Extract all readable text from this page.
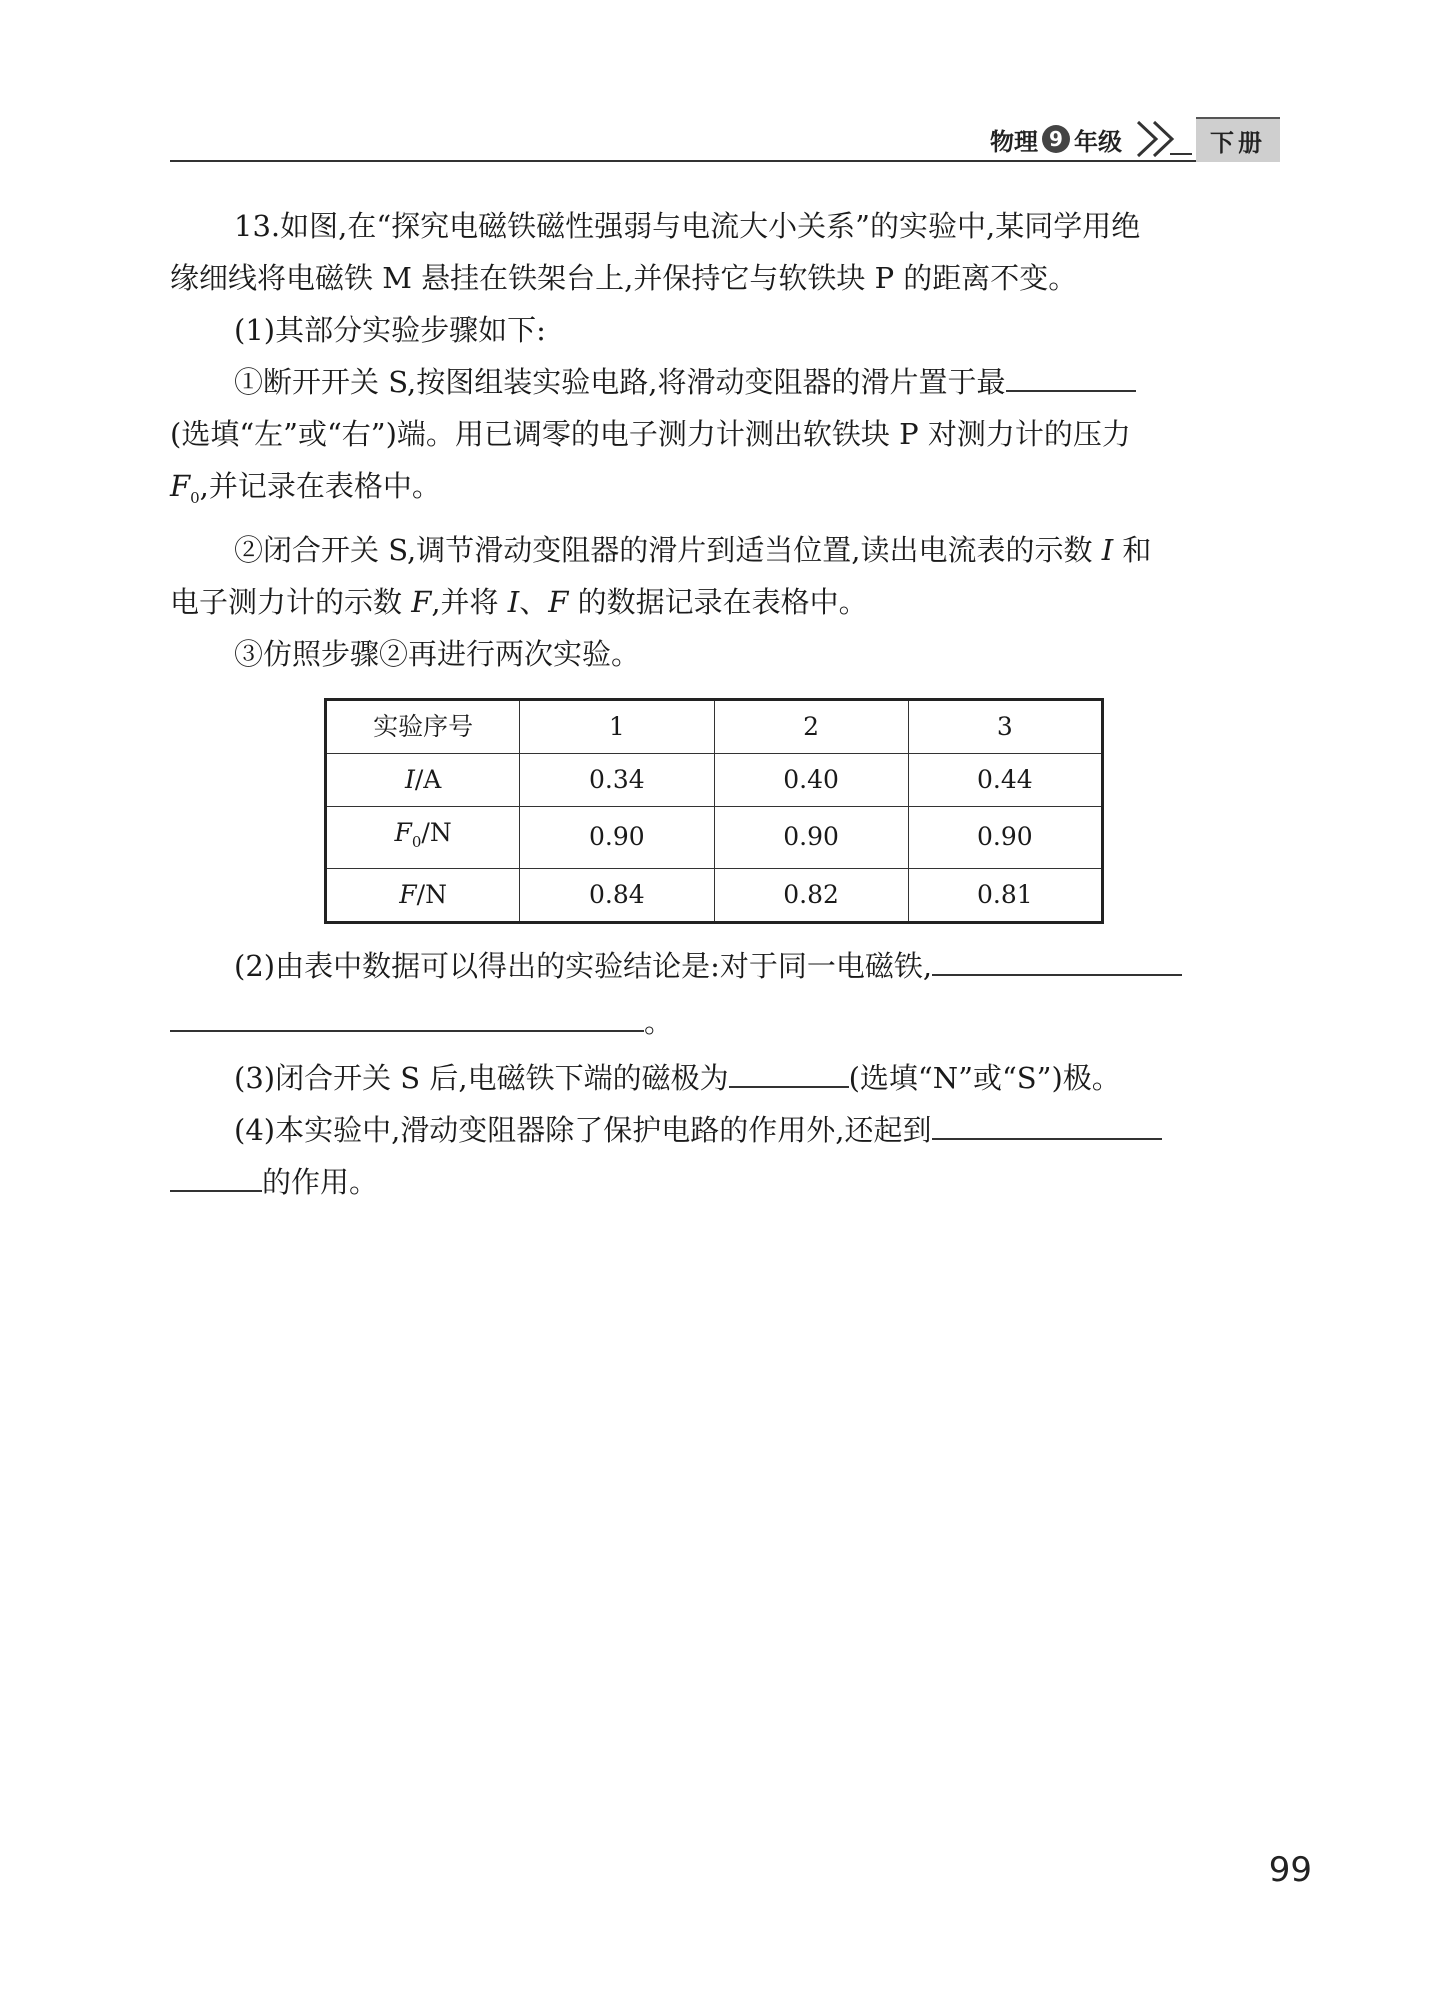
物理 9 年级	下册

13.如图,在“探究电磁铁磁性强弱与电流大小关系”的实验中,某同学用绝

缘细线将电磁铁 M 悬挂在铁架台上,并保持它与软铁块 P 的距离不变。

(1)其部分实验步骤如下:

①断开开关 S,按图组装实验电路,将滑动变阻器的滑片置于最

(选填“左”或“右”)端。用已调零的电子测力计测出软铁块 P 对测力计的压力

$F_0$,并记录在表格中。

②闭合开关 S,调节滑动变阻器的滑片到适当位置,读出电流表的示数 I 和

电子测力计的示数 F,并将 I、F 的数据记录在表格中。

③仿照步骤②再进行两次实验。

实验序号	1	2	3
I/A	0.34	0.40	0.44
$F_0/N$	0.90	0.90	0.90
F/N	0.84	0.82	0.81

(2)由表中数据可以得出的实验结论是:对于同一电磁铁,

。

(3)闭合开关 S 后,电磁铁下端的磁极为	(选填“N”或“S”)极。

(4)本实验中,滑动变阻器除了保护电路的作用外,还起到

的作用。

99
